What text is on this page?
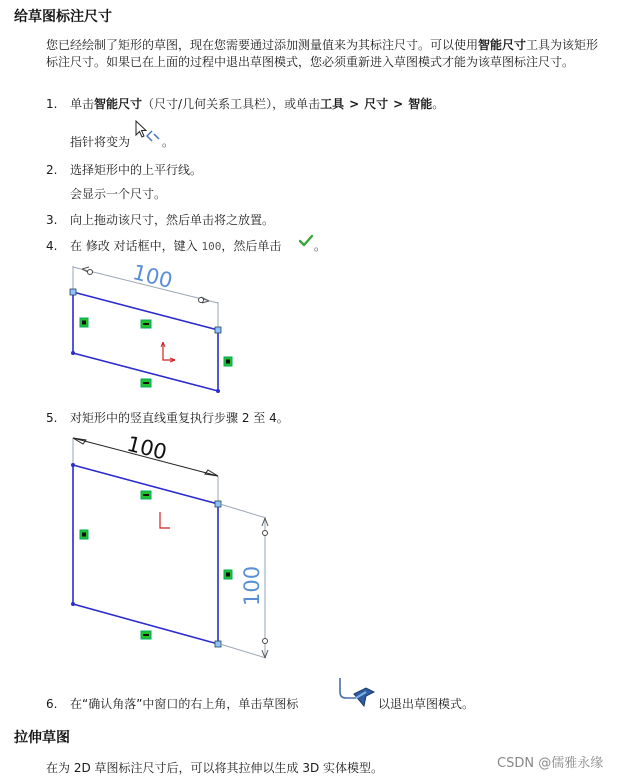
给草图标注尺寸
您已经绘制了矩形的草图，现在您需要通过添加测量值来为其标注尺寸。可以使用智能尺寸工具为该矩形标注尺寸。如果已在上面的过程中退出草图模式，您必须重新进入草图模式才能为该草图标注尺寸。
1.	单击智能尺寸（尺寸/几何关系工具栏），或单击工具 > 尺寸 > 智能。
指针将变为	。
2.	选择矩形中的上平行线。
会显示一个尺寸。
3.	向上拖动该尺寸，然后单击将之放置。
4.	在 修改 对话框中，键入 100，然后单击	。
100
5.	对矩形中的竖直线重复执行步骤 2 至 4。
100
100
6.	在“确认角落”中窗口的右上角，单击草图标	以退出草图模式。
拉伸草图
在为 2D 草图标注尺寸后，可以将其拉伸以生成 3D 实体模型。	CSDN @儒雅永缘
